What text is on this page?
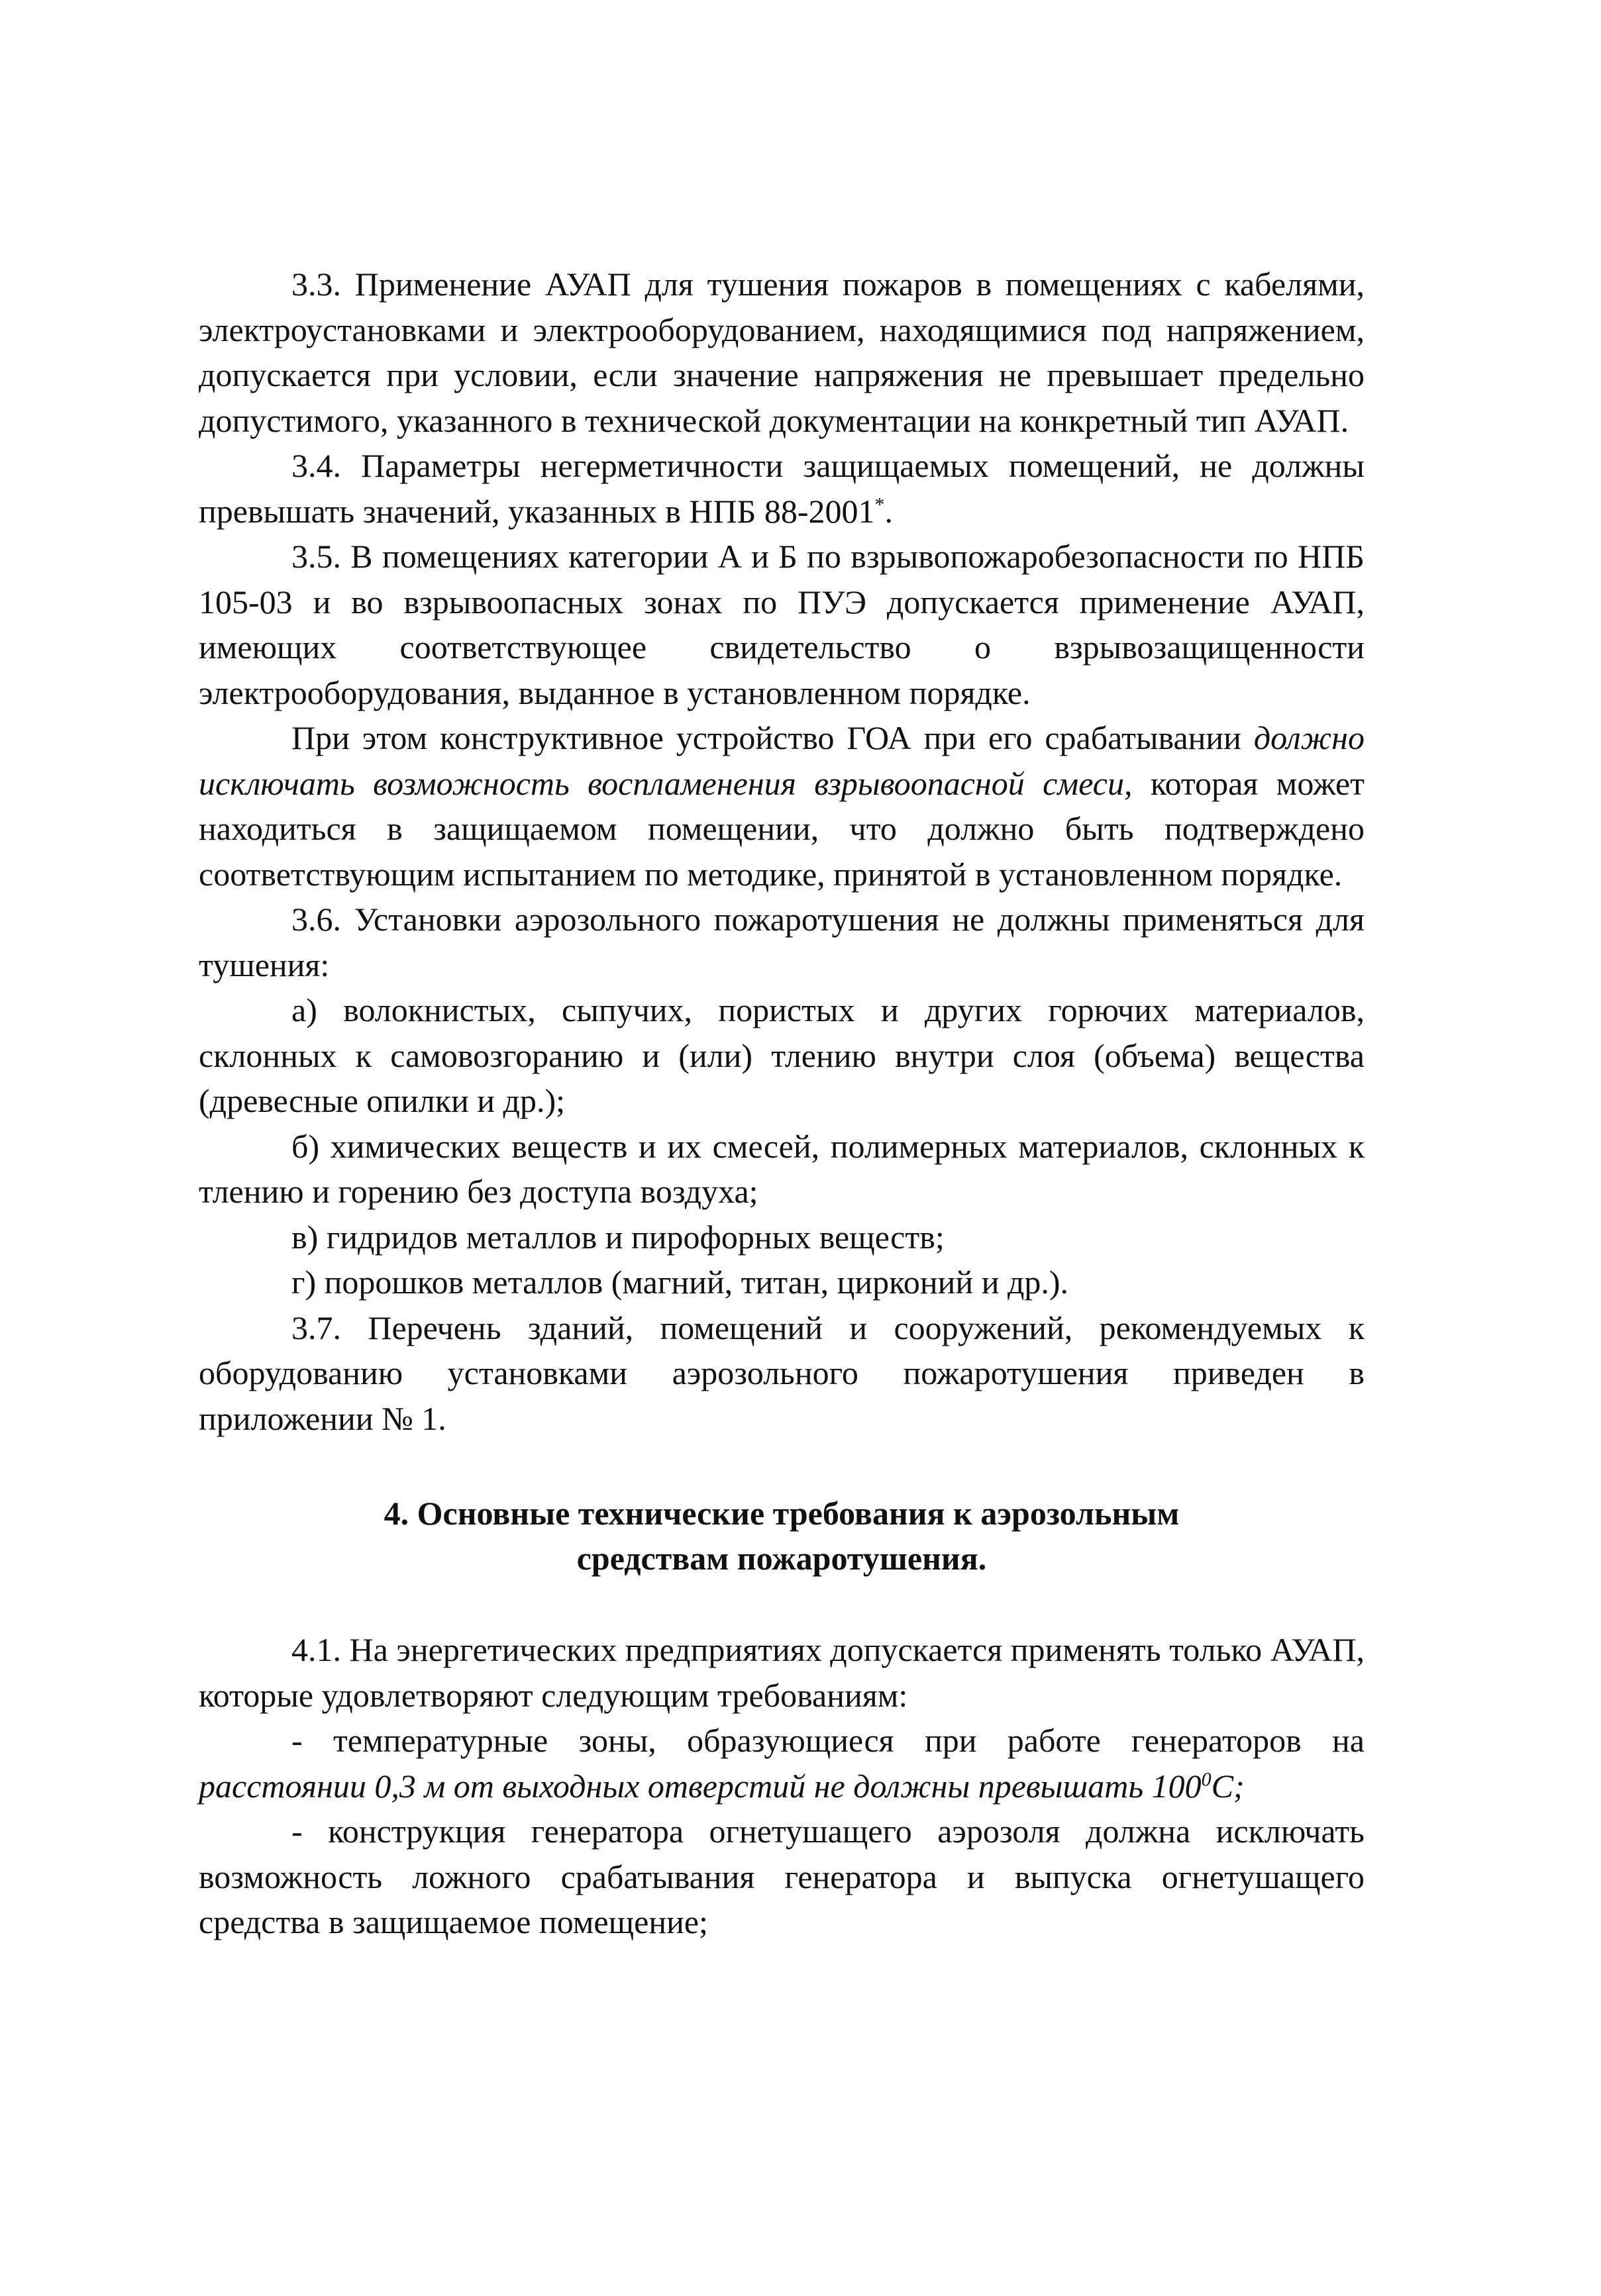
3.3. Применение АУАП для тушения пожаров в помещениях с кабелями, электроустановками и электрооборудованием, находящимися под напряжением, допускается при условии, если значение напряжения не превышает предельно допустимого, указанного в технической документации на конкретный тип АУАП.

3.4. Параметры негерметичности защищаемых помещений, не должны превышать значений, указанных в НПБ 88-2001*.

3.5. В помещениях категории А и Б по взрывопожаробезопасности по НПБ 105-03 и во взрывоопасных зонах по ПУЭ допускается применение АУАП, имеющих соответствующее свидетельство о взрывозащищенности электрооборудования, выданное в установленном порядке.

При этом конструктивное устройство ГОА при его срабатывании должно исключать возможность воспламенения взрывоопасной смеси, которая может находиться в защищаемом помещении, что должно быть подтверждено соответствующим испытанием по методике, принятой в установленном порядке.

3.6. Установки аэрозольного пожаротушения не должны применяться для тушения:

а) волокнистых, сыпучих, пористых и других горючих материалов, склонных к самовозгоранию и (или) тлению внутри слоя (объема) вещества (древесные опилки и др.);

б) химических веществ и их смесей, полимерных материалов, склонных к тлению и горению без доступа воздуха;

в) гидридов металлов и пирофорных веществ;

г) порошков металлов (магний, титан, цирконий и др.).

3.7. Перечень зданий, помещений и сооружений, рекомендуемых к оборудованию установками аэрозольного пожаротушения приведен в приложении № 1.

4. Основные технические требования к аэрозольным
средствам пожаротушения.

4.1. На энергетических предприятиях допускается применять только АУАП, которые удовлетворяют следующим требованиям:

- температурные зоны, образующиеся при работе генераторов на расстоянии 0,3 м от выходных отверстий не должны превышать $100^0С$;

- конструкция генератора огнетушащего аэрозоля должна исключать возможность ложного срабатывания генератора и выпуска огнетушащего средства в защищаемое помещение;
